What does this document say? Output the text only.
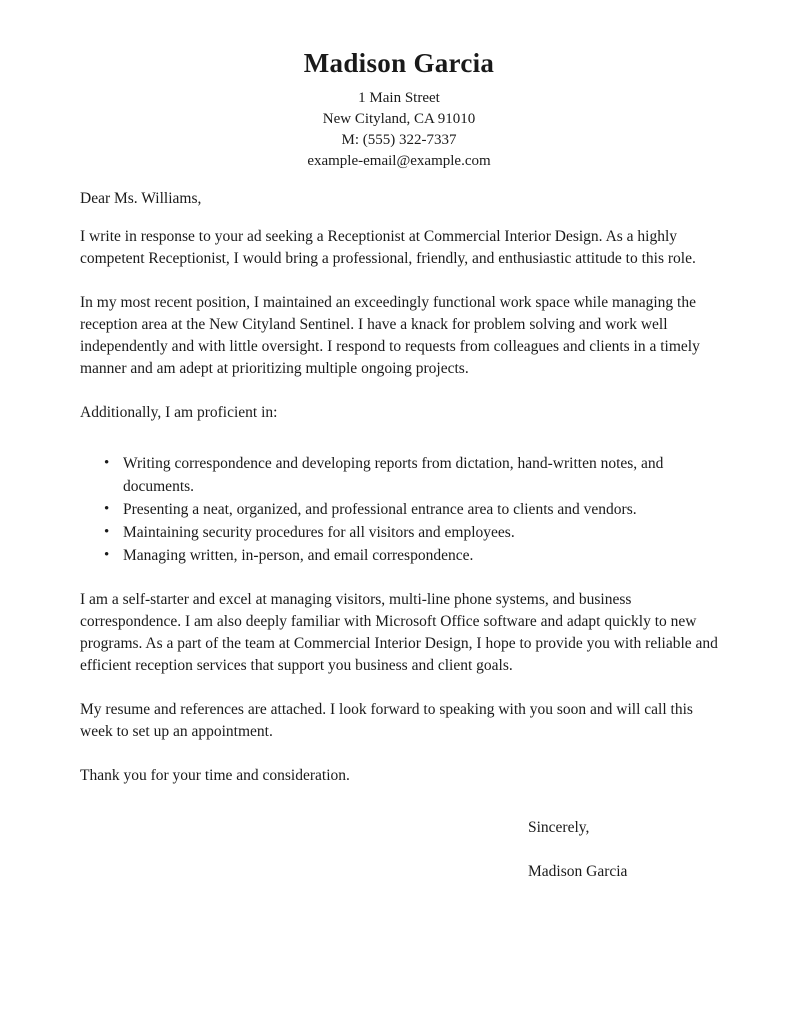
Madison Garcia
1 Main Street
New Cityland, CA 91010
M: (555) 322-7337
example-email@example.com

Dear Ms. Williams,

I write in response to your ad seeking a Receptionist at Commercial Interior Design. As a highly competent Receptionist, I would bring a professional, friendly, and enthusiastic attitude to this role.

In my most recent position, I maintained an exceedingly functional work space while managing the reception area at the New Cityland Sentinel. I have a knack for problem solving and work well independently and with little oversight. I respond to requests from colleagues and clients in a timely manner and am adept at prioritizing multiple ongoing projects.

Additionally, I am proficient in:

• Writing correspondence and developing reports from dictation, hand-written notes, and documents.
• Presenting a neat, organized, and professional entrance area to clients and vendors.
• Maintaining security procedures for all visitors and employees.
• Managing written, in-person, and email correspondence.

I am a self-starter and excel at managing visitors, multi-line phone systems, and business correspondence. I am also deeply familiar with Microsoft Office software and adapt quickly to new programs. As a part of the team at Commercial Interior Design, I hope to provide you with reliable and efficient reception services that support you business and client goals.

My resume and references are attached. I look forward to speaking with you soon and will call this week to set up an appointment.

Thank you for your time and consideration.

Sincerely,

Madison Garcia
